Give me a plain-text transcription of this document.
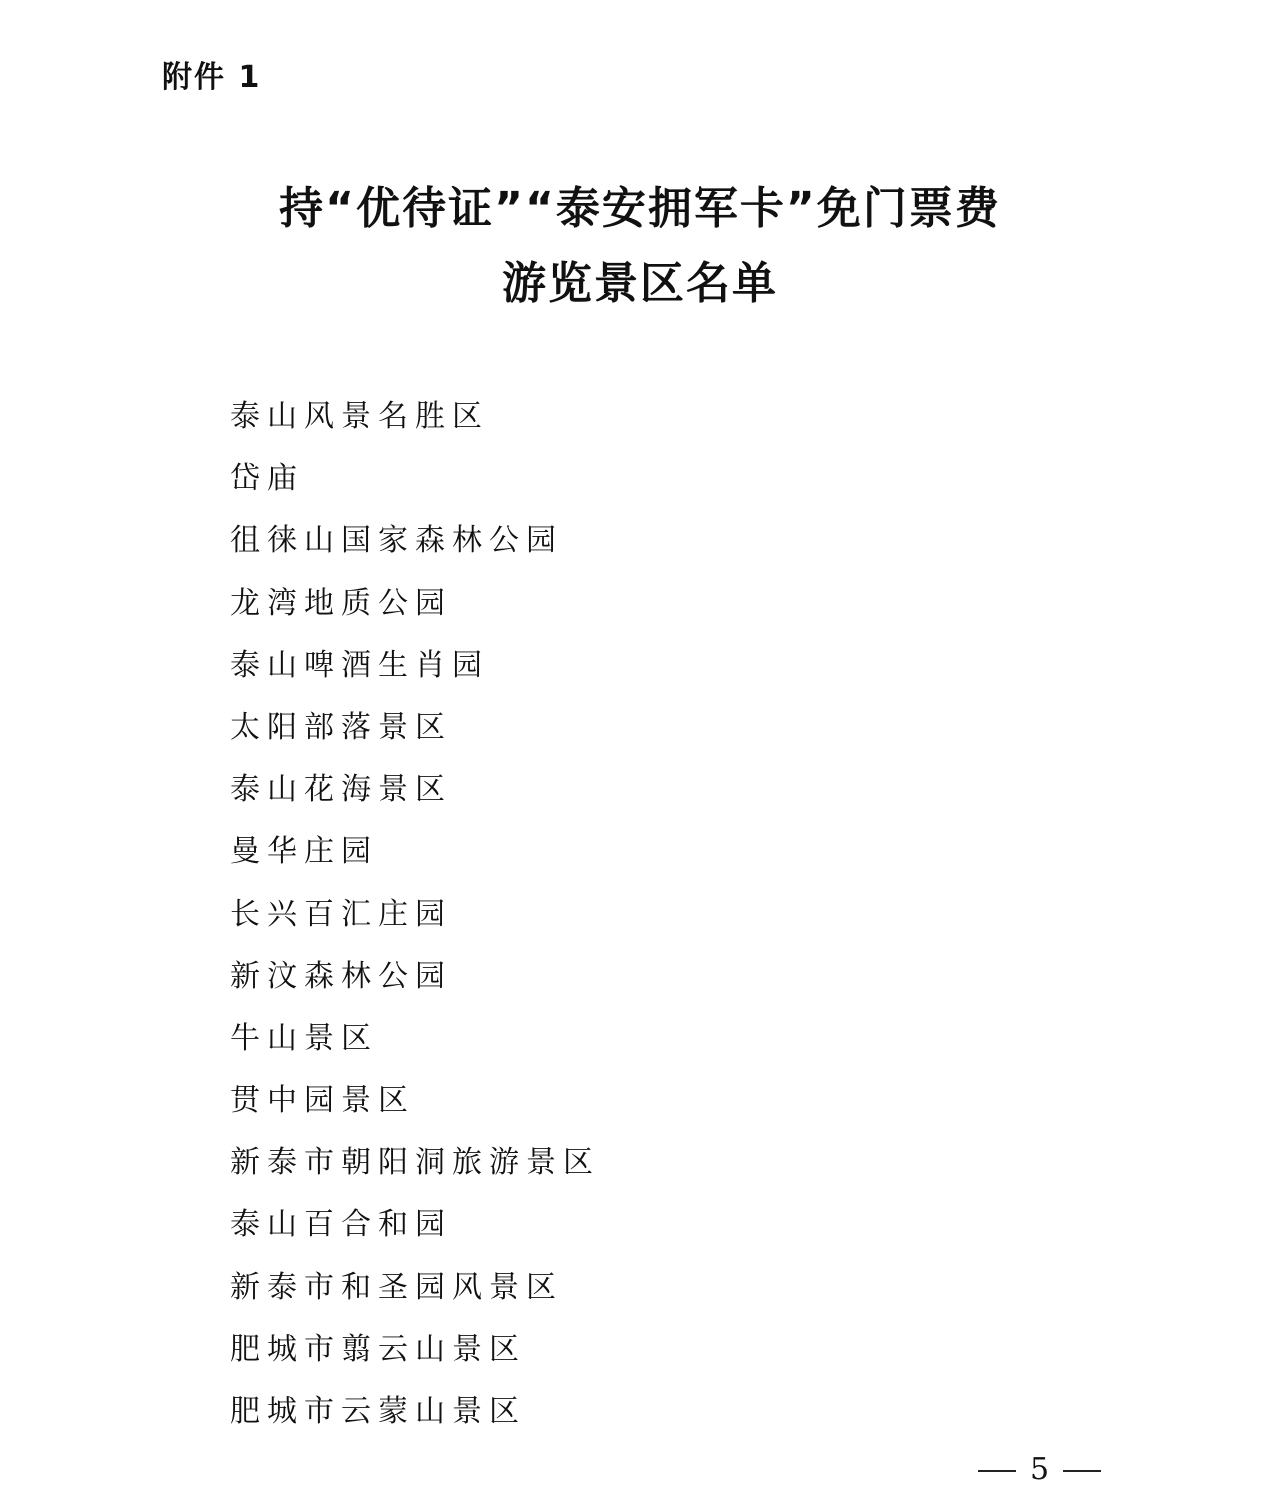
附件 1
持“优待证”“泰安拥军卡”免门票费
游览景区名单
泰山风景名胜区
岱庙
徂徕山国家森林公园
龙湾地质公园
泰山啤酒生肖园
太阳部落景区
泰山花海景区
曼华庄园
长兴百汇庄园
新汶森林公园
牛山景区
贯中园景区
新泰市朝阳洞旅游景区
泰山百合和园
新泰市和圣园风景区
肥城市翦云山景区
肥城市云蒙山景区
5
